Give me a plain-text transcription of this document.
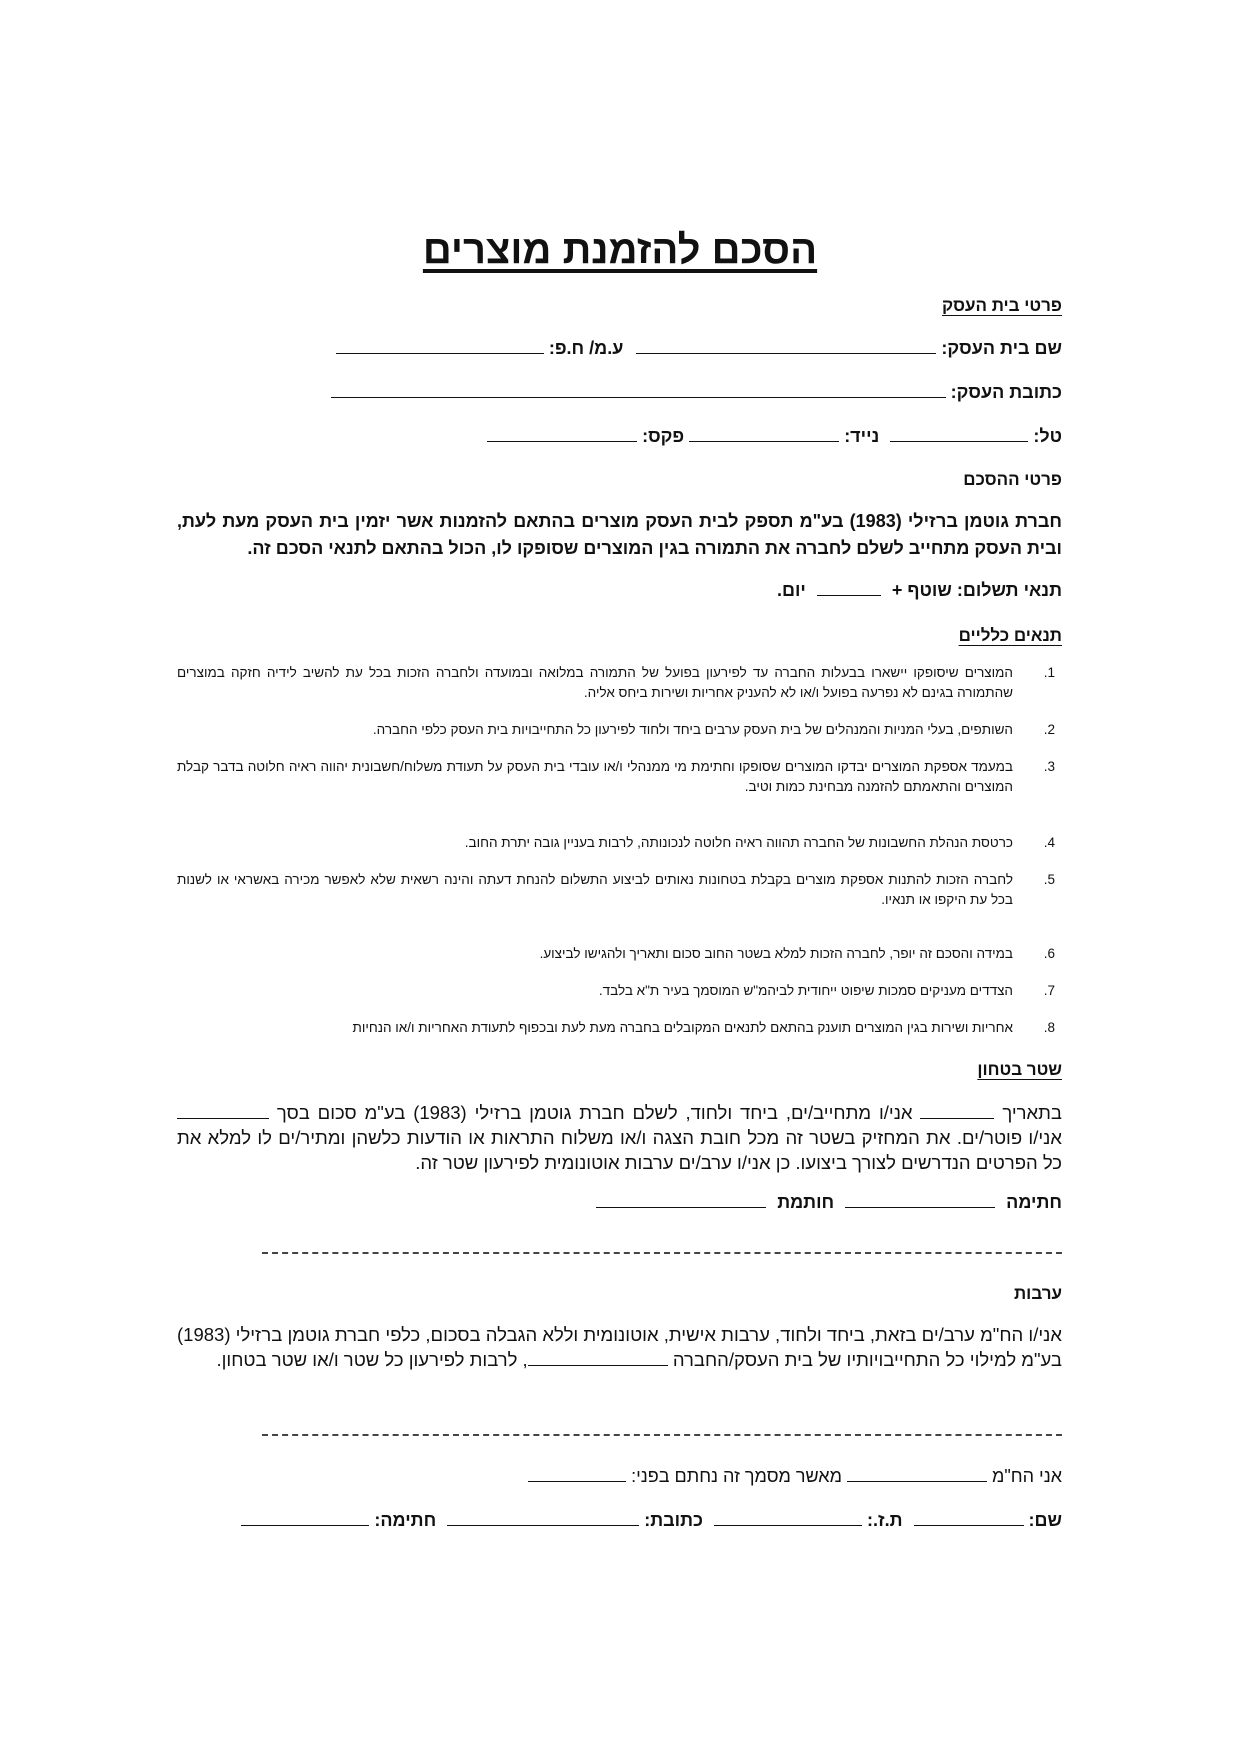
הסכם להזמנת מוצרים
פרטי בית העסק
שם בית העסק:  ע.מ/ ח.פ:
כתובת העסק:
טל:  נייד:  פקס:
פרטי ההסכם
חברת גוטמן ברזילי (1983) בע"מ תספק לבית העסק מוצרים בהתאם להזמנות אשר יזמין בית העסק מעת לעת, ובית העסק מתחייב לשלם לחברה את התמורה בגין המוצרים שסופקו לו, הכול בהתאם לתנאי הסכם זה.
תנאי תשלום: שוטף +  יום.
תנאים כלליים
1.
המוצרים שיסופקו יישארו בבעלות החברה עד לפירעון בפועל של התמורה במלואה ובמועדה ולחברה הזכות בכל עת להשיב לידיה חזקה במוצרים שהתמורה בגינם לא נפרעה בפועל ו/או לא להעניק אחריות ושירות ביחס אליה.
2.
השותפים, בעלי המניות והמנהלים של בית העסק ערבים ביחד ולחוד לפירעון כל התחייבויות בית העסק כלפי החברה.
3.
במעמד אספקת המוצרים יבדקו המוצרים שסופקו וחתימת מי ממנהלי ו/או עובדי בית העסק על תעודת משלוח/חשבונית יהווה ראיה חלוטה בדבר קבלת המוצרים והתאמתם להזמנה מבחינת כמות וטיב.
4.
כרטסת הנהלת החשבונות של החברה תהווה ראיה חלוטה לנכונותה, לרבות בעניין גובה יתרת החוב.
5.
לחברה הזכות להתנות אספקת מוצרים בקבלת בטחונות נאותים לביצוע התשלום להנחת דעתה והינה רשאית שלא לאפשר מכירה באשראי או לשנות בכל עת היקפו או תנאיו.
6.
במידה והסכם זה יופר, לחברה הזכות למלא בשטר החוב סכום ותאריך ולהגישו לביצוע.
7.
הצדדים מעניקים סמכות שיפוט ייחודית לביהמ"ש המוסמך בעיר ת"א בלבד.
8.
אחריות ושירות בגין המוצרים תוענק בהתאם לתנאים המקובלים בחברה מעת לעת ובכפוף לתעודת האחריות ו/או הנחיות
שטר בטחון
בתאריך  אני/ו מתחייב/ים, ביחד ולחוד, לשלם חברת גוטמן ברזילי (1983) בע"מ סכום בסך  אני/ו פוטר/ים. את המחזיק בשטר זה מכל חובת הצגה ו/או משלוח התראות או הודעות כלשהן ומתיר/ים לו למלא את כל הפרטים הנדרשים לצורך ביצועו. כן אני/ו ערב/ים ערבות אוטונומית לפירעון שטר זה.
חתימה  חותמת
ערבות
אני/ו הח"מ ערב/ים בזאת, ביחד ולחוד, ערבות אישית, אוטונומית וללא הגבלה בסכום, כלפי חברת גוטמן ברזילי (1983) בע"מ למילוי כל התחייבויותיו של בית העסק/החברה , לרבות לפירעון כל שטר ו/או שטר בטחון.
אני הח"מ  מאשר מסמך זה נחתם בפני:
שם:  ת.ז.:  כתובת:  חתימה:
